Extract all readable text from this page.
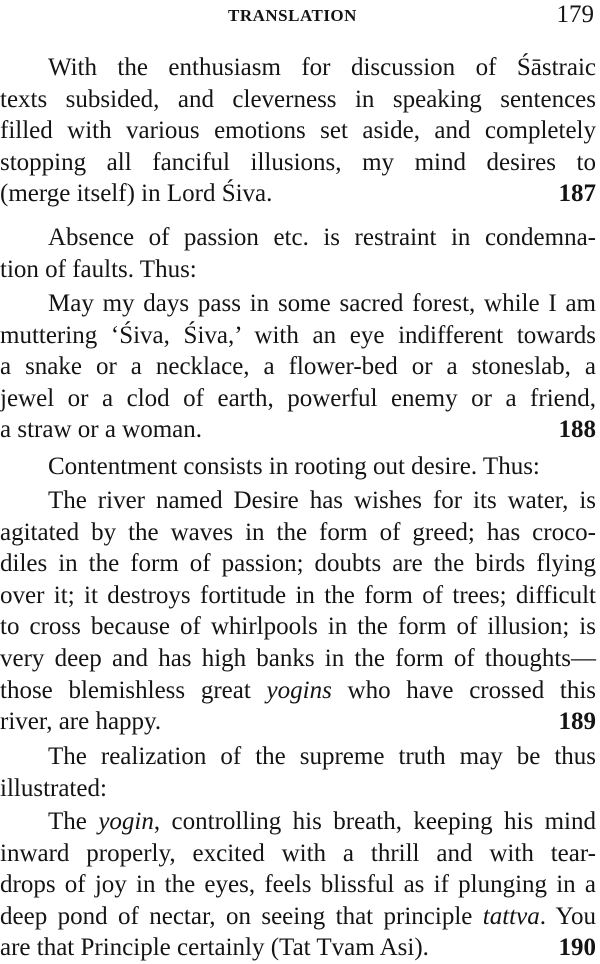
TRANSLATION	179
With the enthusiasm for discussion of Śāstraic
texts subsided, and cleverness in speaking sentences
filled with various emotions set aside, and completely
stopping all fanciful illusions, my mind desires to
(merge itself) in Lord Śiva.	187
Absence of passion etc. is restraint in condemna-
tion of faults. Thus:
May my days pass in some sacred forest, while I am
muttering ‘Śiva, Śiva,’ with an eye indifferent towards
a snake or a necklace, a flower-bed or a stoneslab, a
jewel or a clod of earth, powerful enemy or a friend,
a straw or a woman.	188
Contentment consists in rooting out desire. Thus:
The river named Desire has wishes for its water, is
agitated by the waves in the form of greed; has croco-
diles in the form of passion; doubts are the birds flying
over it; it destroys fortitude in the form of trees; difficult
to cross because of whirlpools in the form of illusion; is
very deep and has high banks in the form of thoughts—
those blemishless great yogins who have crossed this
river, are happy.	189
The realization of the supreme truth may be thus
illustrated:
The yogin, controlling his breath, keeping his mind
inward properly, excited with a thrill and with tear-
drops of joy in the eyes, feels blissful as if plunging in a
deep pond of nectar, on seeing that principle tattva. You
are that Principle certainly (Tat Tvam Asi).	190
